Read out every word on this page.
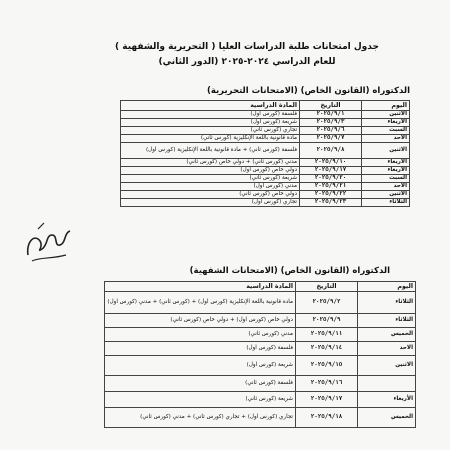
جدول امتحانات طلبة الدراسات العليا ( التحريرية والشفهية )
للعام الدراسي ٢٠٢٤-٢٠٢٥ (الدور الثاني)
الدكتوراه (القانون الخاص) (الامتحانات التحريرية)
اليوم	التاريخ	المادة الدراسية
الاثنين	٢٠٢٥/٩/١	فلسفة (كورس اول)
الأربعاء	٢٠٢٥/٩/٣	شريعة (كورس اول)
السبت	٢٠٢٥/٩/٦	تجاري (كورس ثاني)
الاحد	٢٠٢٥/٩/٧	مادة قانونية باللغة الإنكليزية (كورس ثاني)
الاثنين	٢٠٢٥/٩/٨	فلسفة (كورس ثاني) + مادة قانونية باللغة الإنكليزية (كورس اول)
الأربعاء	٢٠٢٥/٩/١٠	مدني (كورس ثاني) + دولي خاص (كورس ثاني)
الأربعاء	٢٠٢٥/٩/١٧	دولي خاص (كورس اول)
السبت	٢٠٢٥/٩/٢٠	شريعة (كورس ثاني)
الاحد	٢٠٢٥/٩/٢١	مدني (كورس اول)
الاثنين	٢٠٢٥/٩/٢٢	دولي خاص (كورس ثاني)
الثلاثاء	٢٠٢٥/٩/٢٣	تجاري (كورس اول)
الدكتوراه (القانون الخاص) (الامتحانات الشفهية)
اليوم	التاريخ	المادة الدراسية
الثلاثاء	٢٠٢٥/٩/٢	مادة قانونية باللغة الإنكليزية (كورس اول) + (كورس ثاني) + مدني (كورس اول)
الثلاثاء	٢٠٢٥/٩/٩	دولي خاص (كورس اول) + دولي خاص (كورس ثاني)
الخميس	٢٠٢٥/٩/١١	مدني (كورس ثاني)
الاحد	٢٠٢٥/٩/١٤	فلسفة (كورس اول)
الاثنين	٢٠٢٥/٩/١٥	شريعة (كورس اول)
	٢٠٢٥/٩/١٦	فلسفة (كورس ثاني)
الأربعاء	٢٠٢٥/٩/١٧	شريعة (كورس ثاني)
الخميس	٢٠٢٥/٩/١٨	تجاري (كورس اول) + تجاري (كورس ثاني) + مدني (كورس ثاني)
